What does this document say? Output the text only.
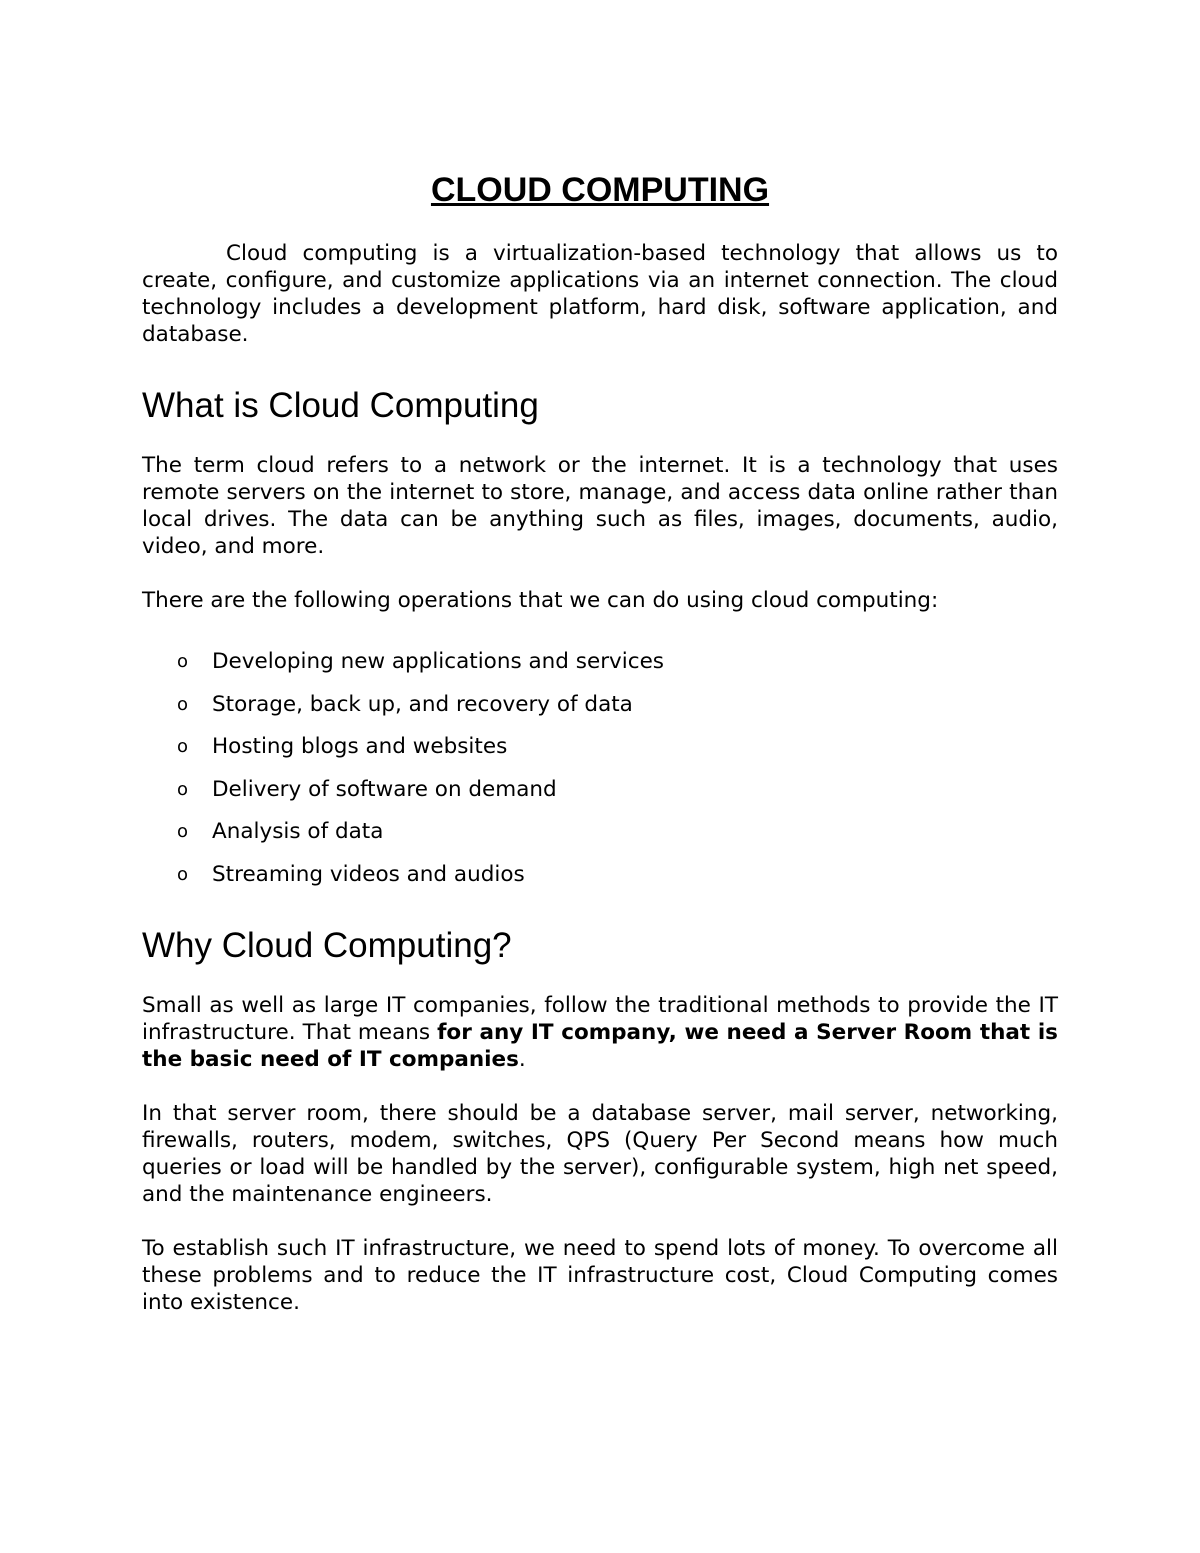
CLOUD COMPUTING

Cloud computing is a virtualization-based technology that allows us to create, configure, and customize applications via an internet connection. The cloud technology includes a development platform, hard disk, software application, and database.

What is Cloud Computing

The term cloud refers to a network or the internet. It is a technology that uses remote servers on the internet to store, manage, and access data online rather than local drives. The data can be anything such as files, images, documents, audio, video, and more.

There are the following operations that we can do using cloud computing:

o	Developing new applications and services
o	Storage, back up, and recovery of data
o	Hosting blogs and websites
o	Delivery of software on demand
o	Analysis of data
o	Streaming videos and audios
Why Cloud Computing?

Small as well as large IT companies, follow the traditional methods to provide the IT infrastructure. That means for any IT company, we need a Server Room that is the basic need of IT companies.

In that server room, there should be a database server, mail server, networking, firewalls, routers, modem, switches, QPS (Query Per Second means how much queries or load will be handled by the server), configurable system, high net speed, and the maintenance engineers.

To establish such IT infrastructure, we need to spend lots of money. To overcome all these problems and to reduce the IT infrastructure cost, Cloud Computing comes into existence.
